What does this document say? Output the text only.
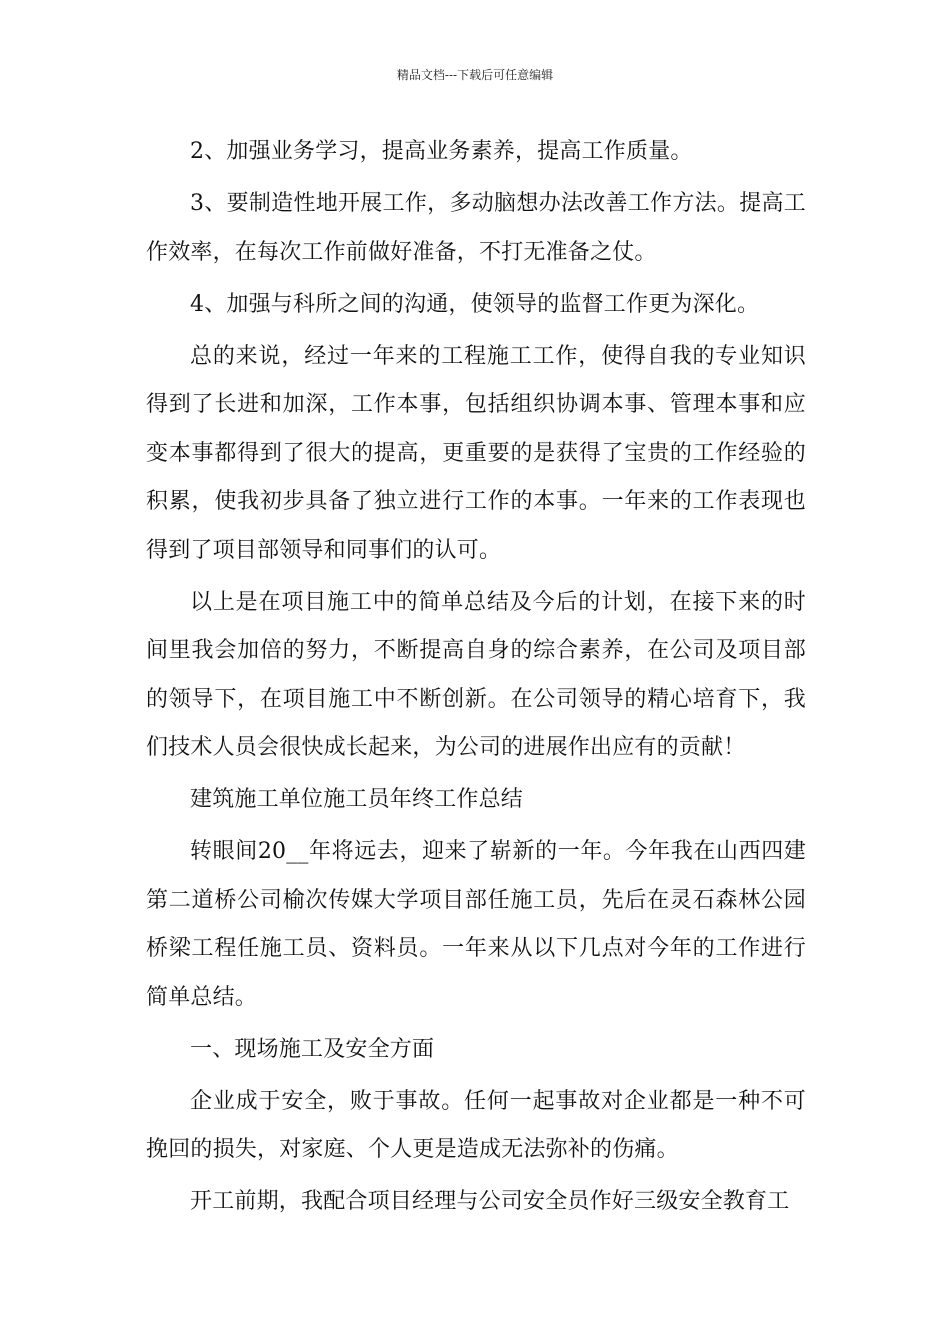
精品文档---下载后可任意编辑

2、加强业务学习，提高业务素养，提高工作质量。

3、要制造性地开展工作，多动脑想办法改善工作方法。提高工作效率，在每次工作前做好准备，不打无准备之仗。

4、加强与科所之间的沟通，使领导的监督工作更为深化。

总的来说，经过一年来的工程施工工作，使得自我的专业知识得到了长进和加深，工作本事，包括组织协调本事、管理本事和应变本事都得到了很大的提高，更重要的是获得了宝贵的工作经验的积累，使我初步具备了独立进行工作的本事。一年来的工作表现也得到了项目部领导和同事们的认可。

以上是在项目施工中的简单总结及今后的计划，在接下来的时间里我会加倍的努力，不断提高自身的综合素养，在公司及项目部的领导下，在项目施工中不断创新。在公司领导的精心培育下，我们技术人员会很快成长起来，为公司的进展作出应有的贡献！

建筑施工单位施工员年终工作总结

转眼间20__年将远去，迎来了崭新的一年。今年我在山西四建第二道桥公司榆次传媒大学项目部任施工员，先后在灵石森林公园桥梁工程任施工员、资料员。一年来从以下几点对今年的工作进行简单总结。

一、现场施工及安全方面

企业成于安全，败于事故。任何一起事故对企业都是一种不可挽回的损失，对家庭、个人更是造成无法弥补的伤痛。

开工前期，我配合项目经理与公司安全员作好三级安全教育工
